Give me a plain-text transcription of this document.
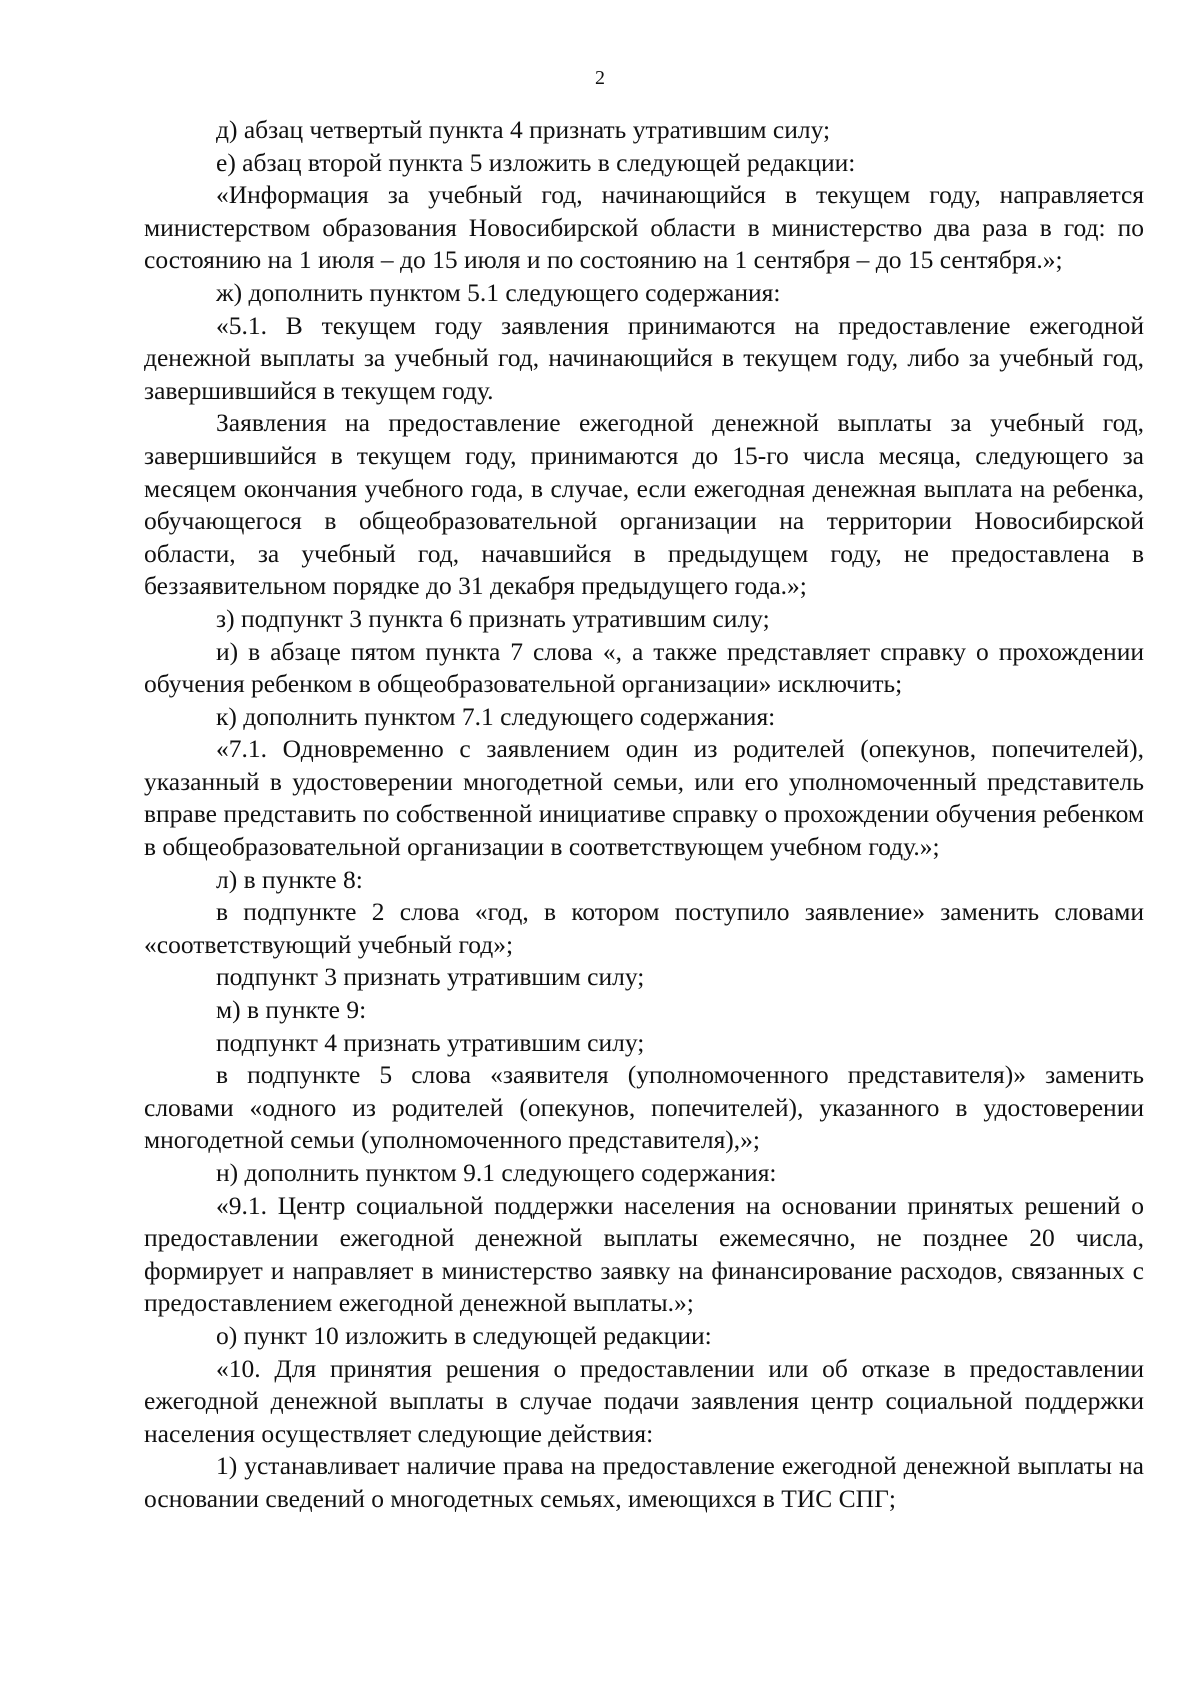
2

д) абзац четвертый пункта 4 признать утратившим силу;

е) абзац второй пункта 5 изложить в следующей редакции:

«Информация за учебный год, начинающийся в текущем году, направляется министерством образования Новосибирской области в министерство два раза в год: по состоянию на 1 июля – до 15 июля и по состоянию на 1 сентября – до 15 сентября.»;

ж) дополнить пунктом 5.1 следующего содержания:

«5.1. В текущем году заявления принимаются на предоставление ежегодной денежной выплаты за учебный год, начинающийся в текущем году, либо за учебный год, завершившийся в текущем году.

Заявления на предоставление ежегодной денежной выплаты за учебный год, завершившийся в текущем году, принимаются до 15-го числа месяца, следующего за месяцем окончания учебного года, в случае, если ежегодная денежная выплата на ребенка, обучающегося в общеобразовательной организации на территории Новосибирской области, за учебный год, начавшийся в предыдущем году, не предоставлена в беззаявительном порядке до 31 декабря предыдущего года.»;

з) подпункт 3 пункта 6 признать утратившим силу;

и) в абзаце пятом пункта 7 слова «, а также представляет справку о прохождении обучения ребенком в общеобразовательной организации» исключить;

к) дополнить пунктом 7.1 следующего содержания:

«7.1. Одновременно с заявлением один из родителей (опекунов, попечителей), указанный в удостоверении многодетной семьи, или его уполномоченный представитель вправе представить по собственной инициативе справку о прохождении обучения ребенком в общеобразовательной организации в соответствующем учебном году.»;

л) в пункте 8:

в подпункте 2 слова «год, в котором поступило заявление» заменить словами «соответствующий учебный год»;

подпункт 3 признать утратившим силу;

м) в пункте 9:

подпункт 4 признать утратившим силу;

в подпункте 5 слова «заявителя (уполномоченного представителя)» заменить словами «одного из родителей (опекунов, попечителей), указанного в удостоверении многодетной семьи (уполномоченного представителя),»;

н) дополнить пунктом 9.1 следующего содержания:

«9.1. Центр социальной поддержки населения на основании принятых решений о предоставлении ежегодной денежной выплаты ежемесячно, не позднее 20 числа, формирует и направляет в министерство заявку на финансирование расходов, связанных с предоставлением ежегодной денежной выплаты.»;

о) пункт 10 изложить в следующей редакции:

«10. Для принятия решения о предоставлении или об отказе в предоставлении ежегодной денежной выплаты в случае подачи заявления центр социальной поддержки населения осуществляет следующие действия:

1) устанавливает наличие права на предоставление ежегодной денежной выплаты на основании сведений о многодетных семьях, имеющихся в ТИС СПГ;
